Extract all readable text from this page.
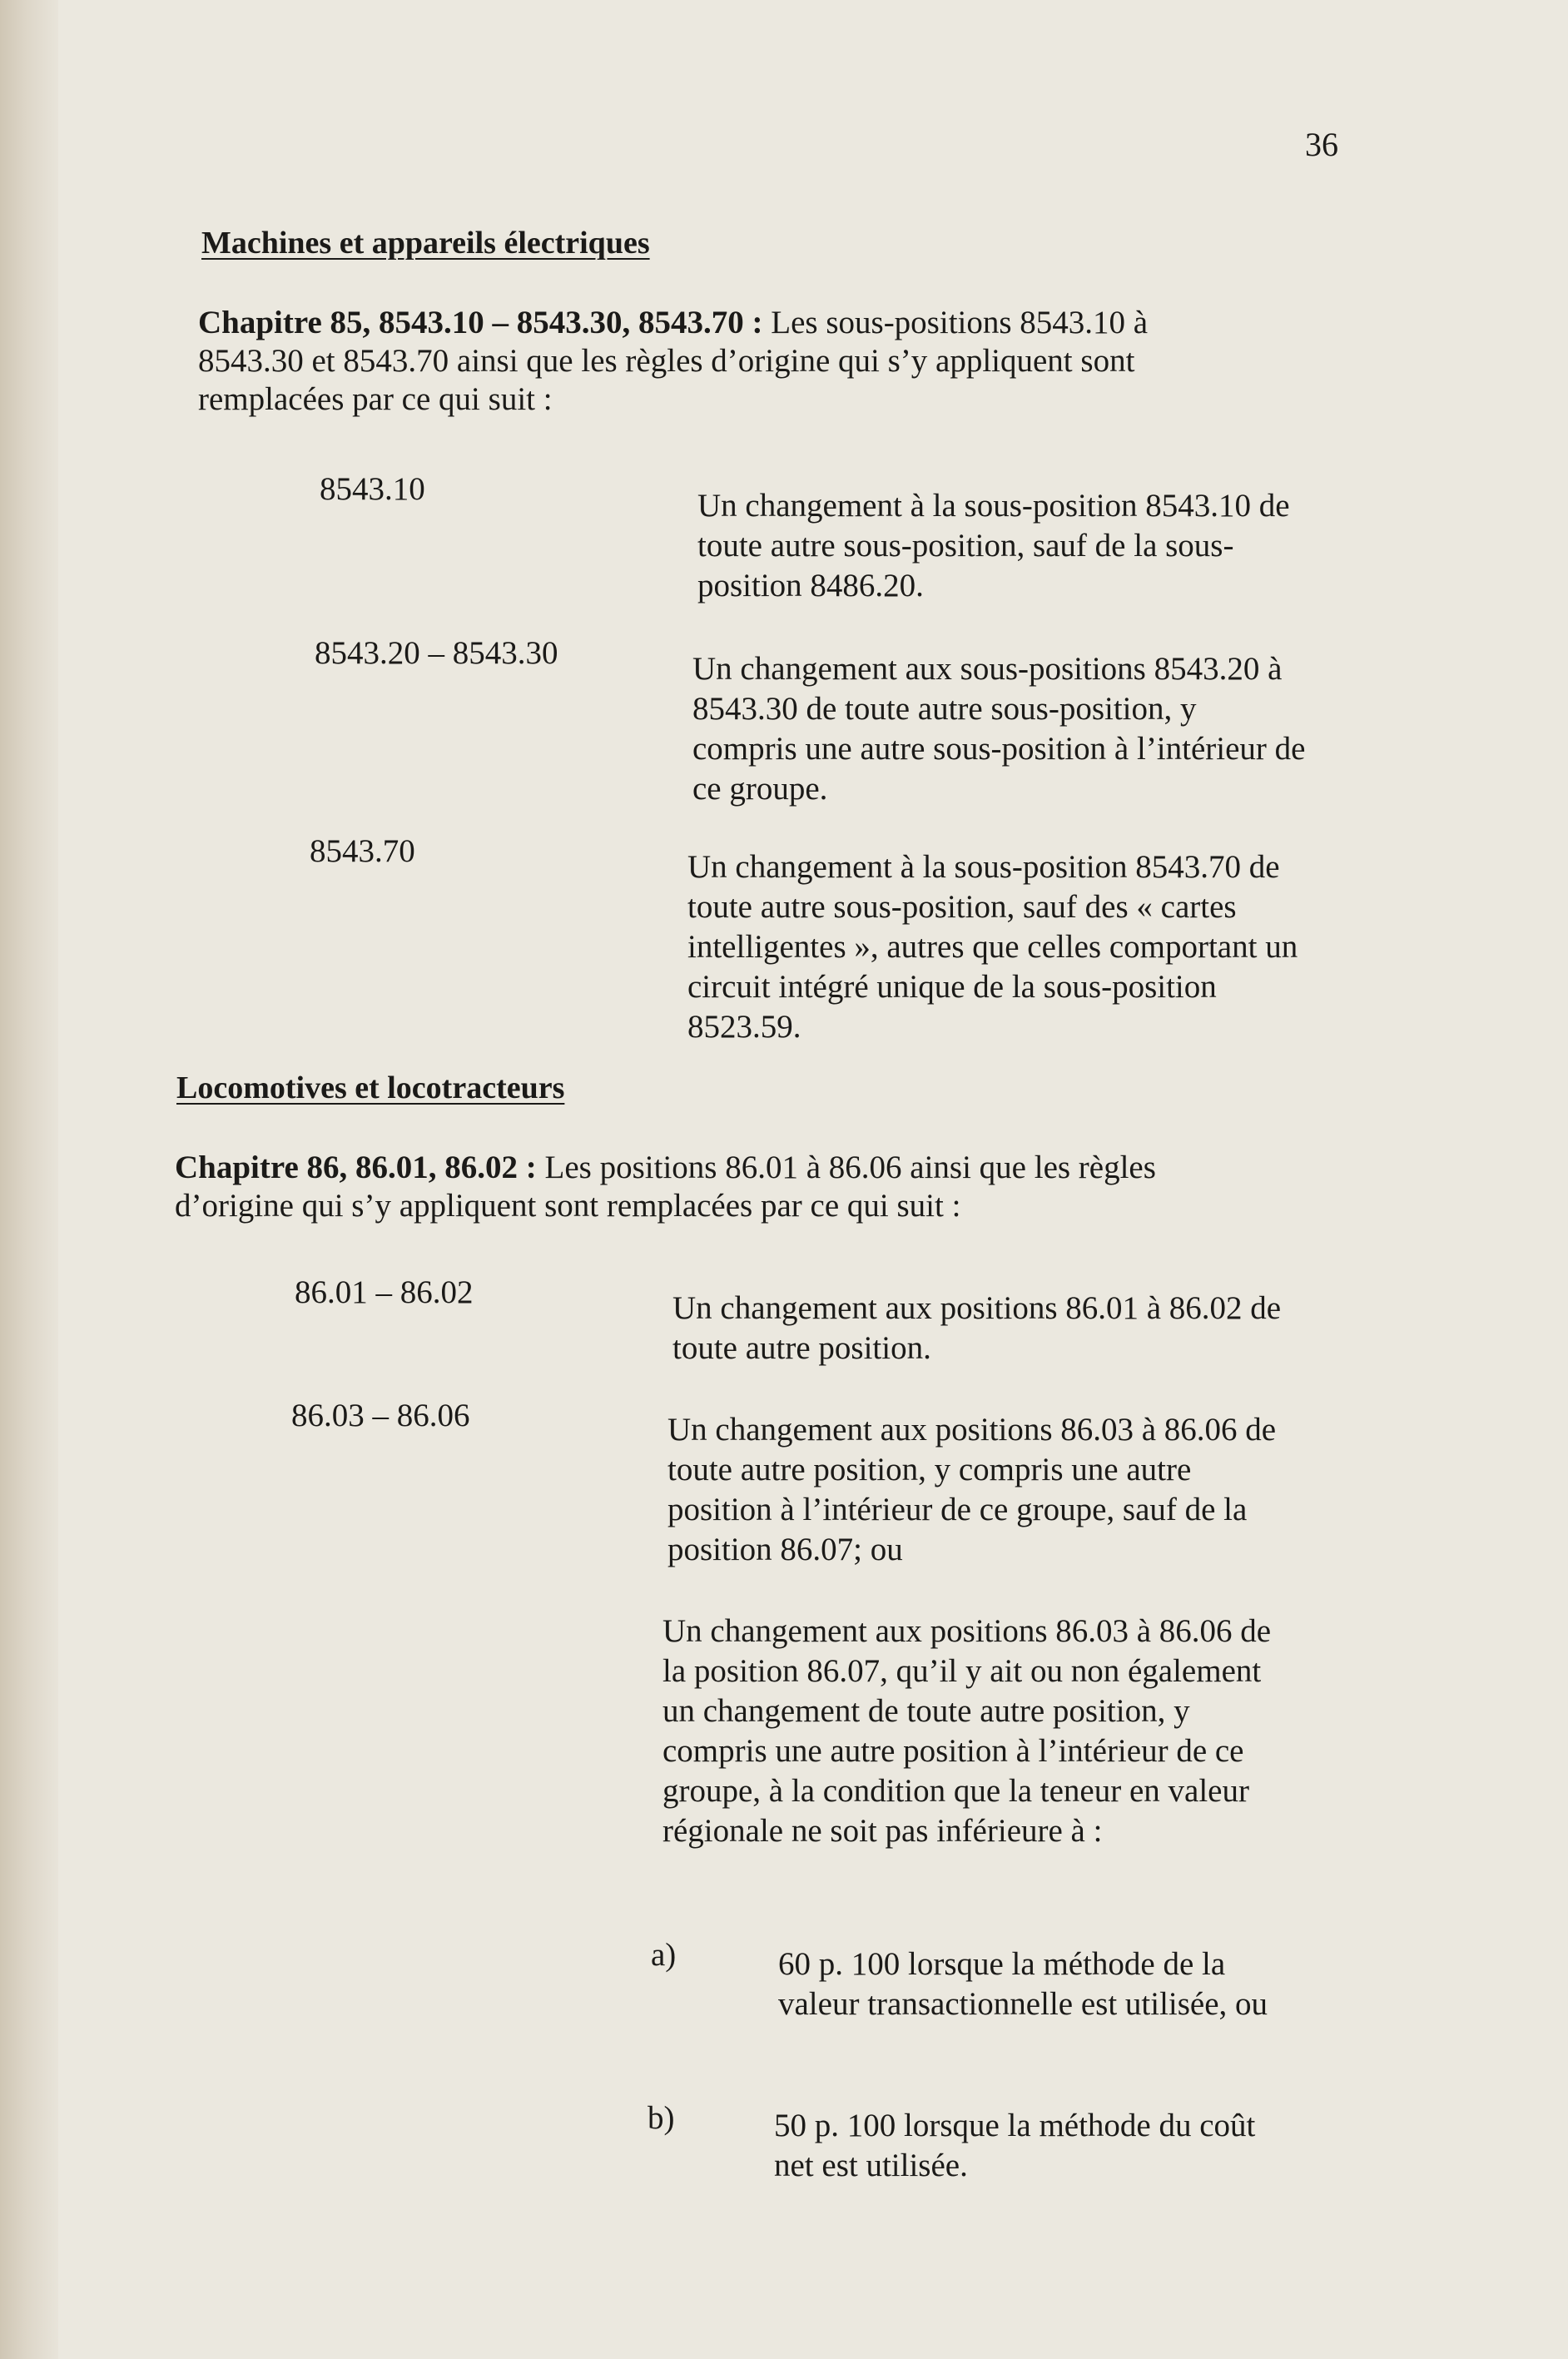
36
Machines et appareils électriques
Chapitre 85, 8543.10 – 8543.30, 8543.70 : Les sous-positions 8543.10 à 8543.30 et 8543.70 ainsi que les règles d’origine qui s’y appliquent sont remplacées par ce qui suit :
8543.10	Un changement à la sous-position 8543.10 de toute autre sous-position, sauf de la sous-position 8486.20.
8543.20 – 8543.30	Un changement aux sous-positions 8543.20 à 8543.30 de toute autre sous-position, y compris une autre sous-position à l’intérieur de ce groupe.
8543.70	Un changement à la sous-position 8543.70 de toute autre sous-position, sauf des « cartes intelligentes », autres que celles comportant un circuit intégré unique de la sous-position 8523.59.
Locomotives et locotracteurs
Chapitre 86, 86.01, 86.02 : Les positions 86.01 à 86.06 ainsi que les règles d’origine qui s’y appliquent sont remplacées par ce qui suit :
86.01 – 86.02	Un changement aux positions 86.01 à 86.02 de toute autre position.
86.03 – 86.06	Un changement aux positions 86.03 à 86.06 de toute autre position, y compris une autre position à l’intérieur de ce groupe, sauf de la position 86.07; ou
Un changement aux positions 86.03 à 86.06 de la position 86.07, qu’il y ait ou non également un changement de toute autre position, y compris une autre position à l’intérieur de ce groupe, à la condition que la teneur en valeur régionale ne soit pas inférieure à :
a)	60 p. 100 lorsque la méthode de la valeur transactionnelle est utilisée, ou
b)	50 p. 100 lorsque la méthode du coût net est utilisée.
